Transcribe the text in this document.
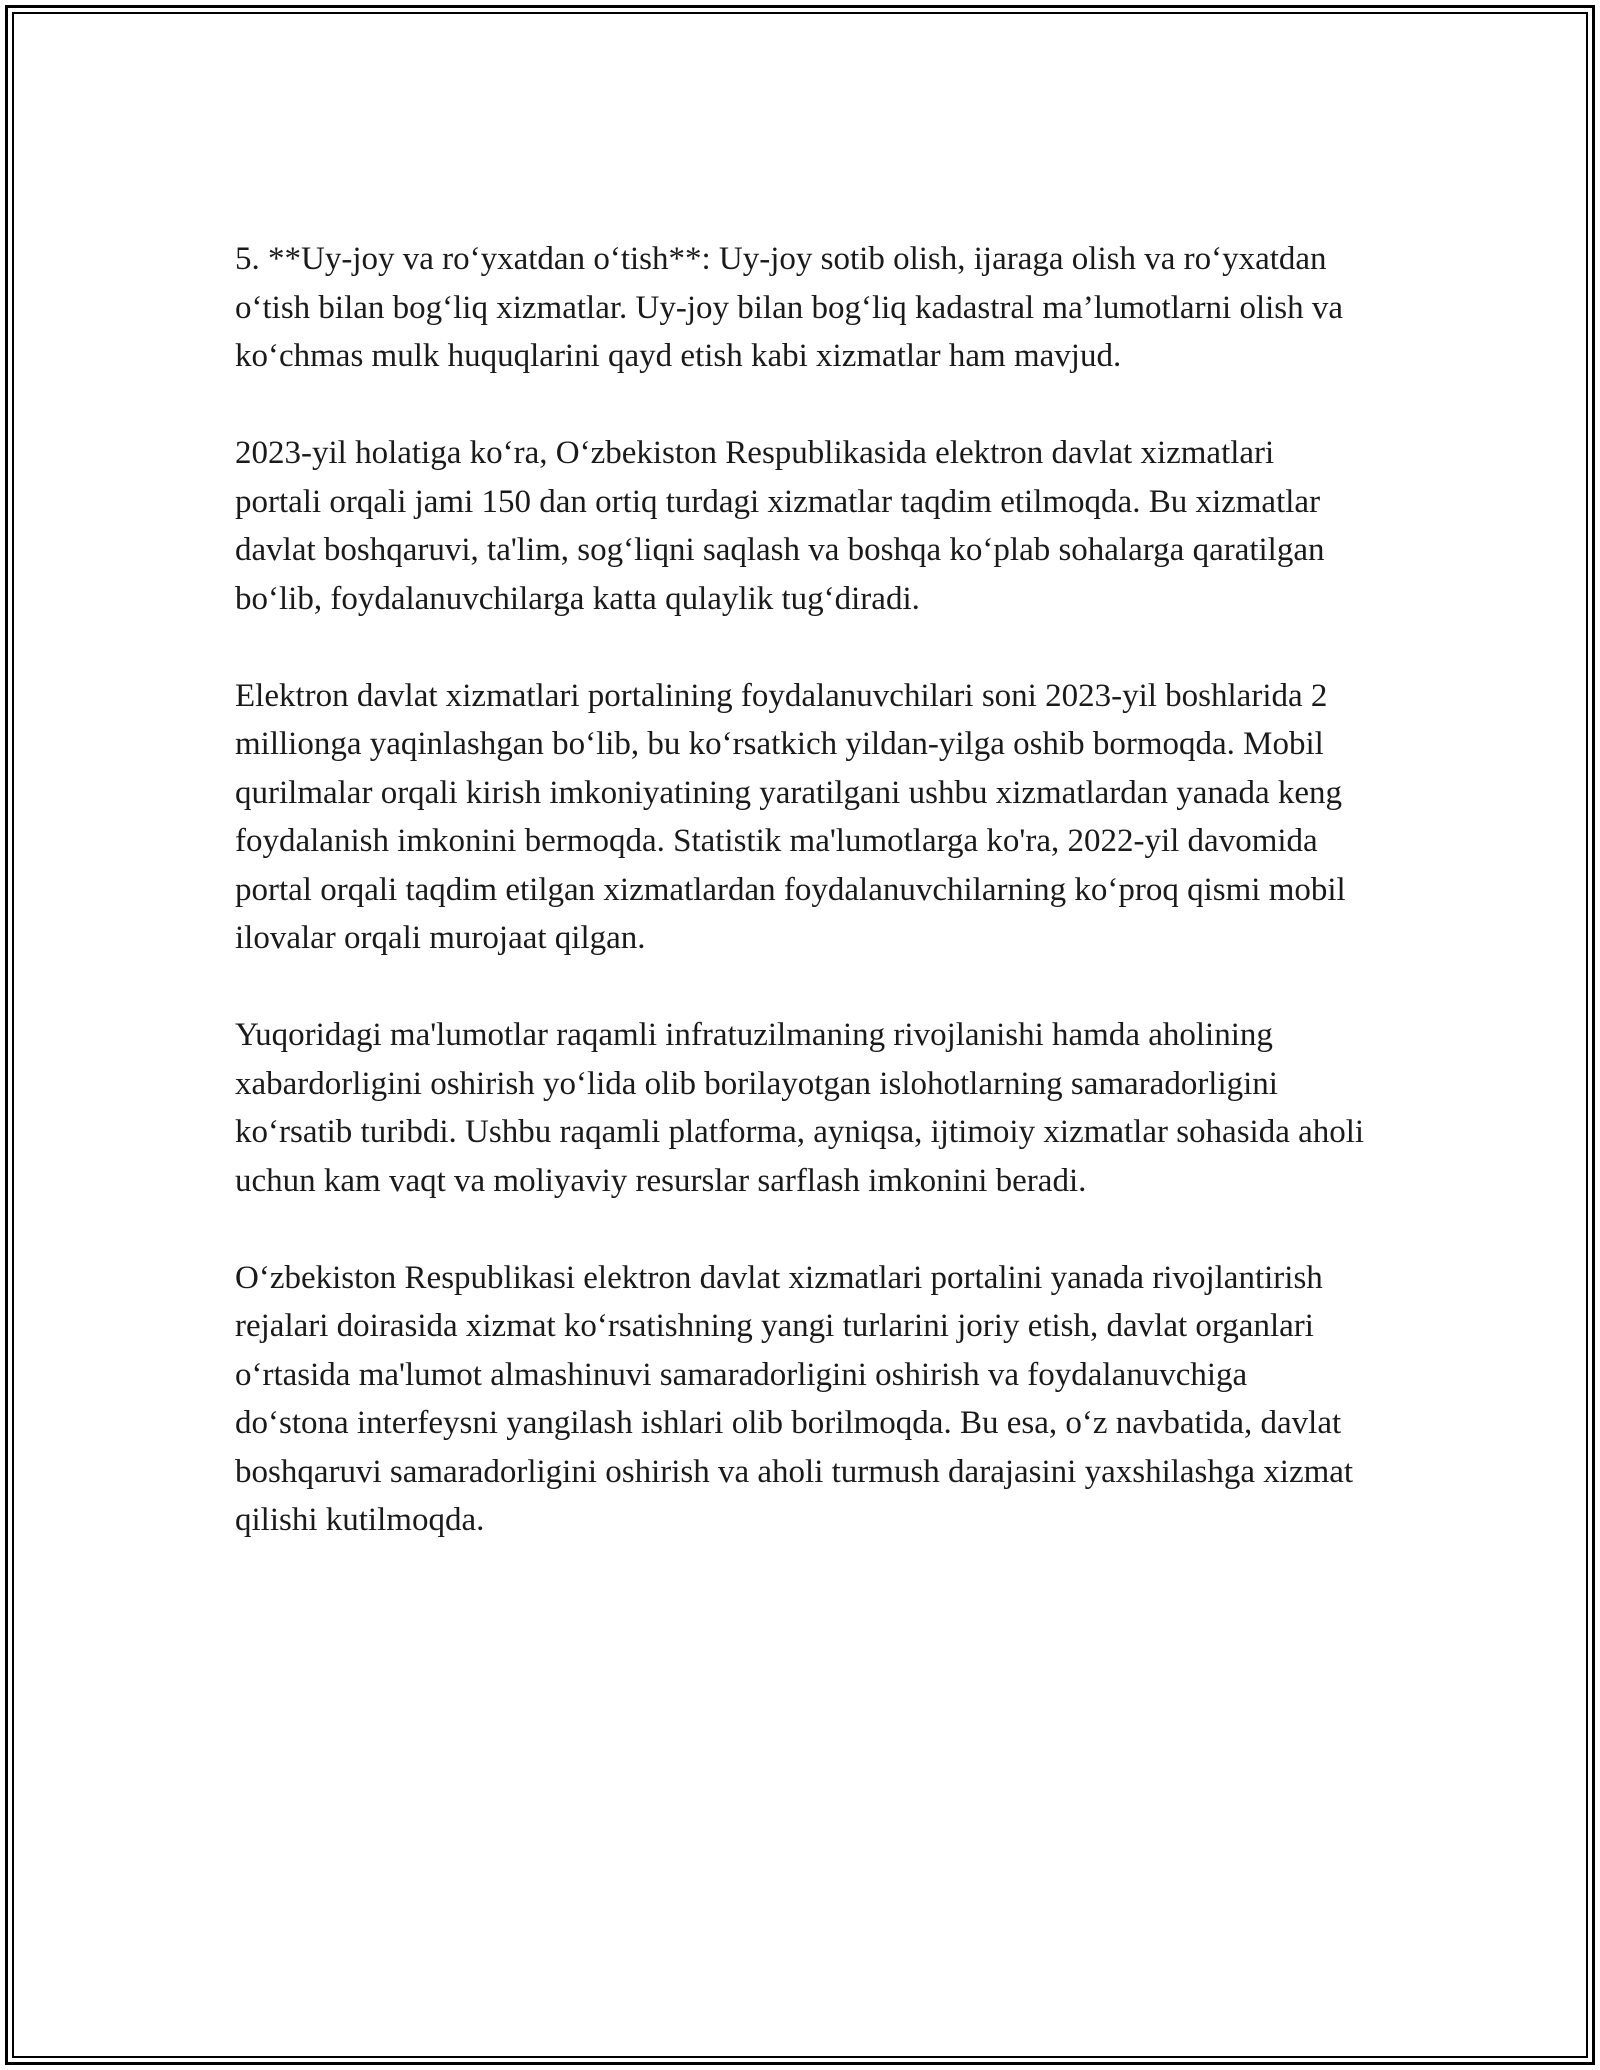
5. **Uy-joy va ro‘yxatdan o‘tish**: Uy-joy sotib olish, ijaraga olish va ro‘yxatdan o‘tish bilan bog‘liq xizmatlar. Uy-joy bilan bog‘liq kadastral ma’lumotlarni olish va ko‘chmas mulk huquqlarini qayd etish kabi xizmatlar ham mavjud.

2023-yil holatiga ko‘ra, O‘zbekiston Respublikasida elektron davlat xizmatlari portali orqali jami 150 dan ortiq turdagi xizmatlar taqdim etilmoqda. Bu xizmatlar davlat boshqaruvi, ta'lim, sog‘liqni saqlash va boshqa ko‘plab sohalarga qaratilgan bo‘lib, foydalanuvchilarga katta qulaylik tug‘diradi.

Elektron davlat xizmatlari portalining foydalanuvchilari soni 2023-yil boshlarida 2 millionga yaqinlashgan bo‘lib, bu ko‘rsatkich yildan-yilga oshib bormoqda. Mobil qurilmalar orqali kirish imkoniyatining yaratilgani ushbu xizmatlardan yanada keng foydalanish imkonini bermoqda. Statistik ma'lumotlarga ko'ra, 2022-yil davomida portal orqali taqdim etilgan xizmatlardan foydalanuvchilarning ko‘proq qismi mobil ilovalar orqali murojaat qilgan.

Yuqoridagi ma'lumotlar raqamli infratuzilmaning rivojlanishi hamda aholining xabardorligini oshirish yo‘lida olib borilayotgan islohotlarning samaradorligini ko‘rsatib turibdi. Ushbu raqamli platforma, ayniqsa, ijtimoiy xizmatlar sohasida aholi uchun kam vaqt va moliyaviy resurslar sarflash imkonini beradi.

O‘zbekiston Respublikasi elektron davlat xizmatlari portalini yanada rivojlantirish rejalari doirasida xizmat ko‘rsatishning yangi turlarini joriy etish, davlat organlari o‘rtasida ma'lumot almashinuvi samaradorligini oshirish va foydalanuvchiga do‘stona interfeysni yangilash ishlari olib borilmoqda. Bu esa, o‘z navbatida, davlat boshqaruvi samaradorligini oshirish va aholi turmush darajasini yaxshilashga xizmat qilishi kutilmoqda.
